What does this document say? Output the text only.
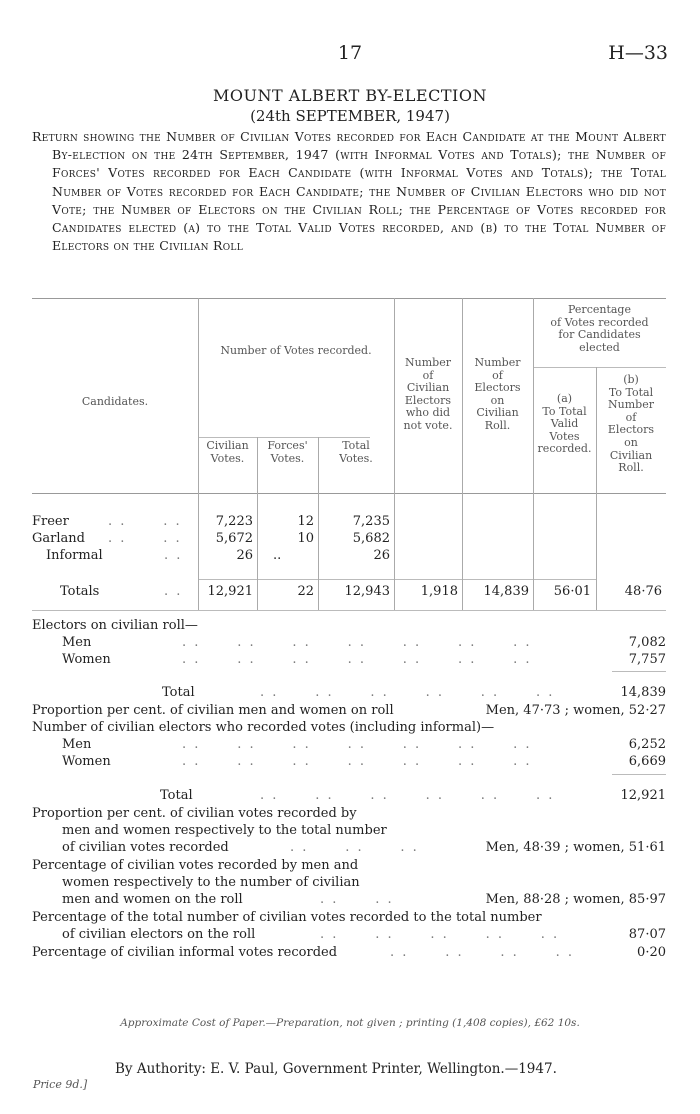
17	H—33
MOUNT ALBERT BY-ELECTION
(24th SEPTEMBER, 1947)
Return showing the Number of Civilian Votes recorded for Each Candidate at the Mount Albert By-election on the 24th September, 1947 (with Informal Votes and Totals); the Number of Forces' Votes recorded for Each Candidate (with Informal Votes and Totals); the Total Number of Votes recorded for Each Candidate; the Number of Civilian Electors who did not Vote; the Number of Electors on the Civilian Roll; the Percentage of Votes recorded for Candidates elected (a) to the Total Valid Votes recorded, and (b) to the Total Number of Electors on the Civilian Roll
Candidates.
Number of Votes recorded.
Civilian
Votes.
Forces'
Votes.
Total
Votes.
Number
of
Civilian
Electors
who did
not vote.
Number
of
Electors
on
Civilian
Roll.
Percentage
of Votes recorded
for Candidates
elected
(a)
To Total
Valid
Votes
recorded.
(b)
To Total
Number
of
Electors
on
Civilian
Roll.
Freer	. .      . .	7,223	12	7,235
Garland . .      . .	5,672	10	5,682
Informal	. .	26 ..	26
Totals	. .	12,921	22	12,943	1,918	14,839	56·01	48·76
Electors on civilian roll—
Men	. .      . .      . .      . .      . .      . .      . .	7,082
Women	. .      . .      . .      . .      . .      . .      . .	7,757
Total	. .      . .      . .      . .      . .      . .	14,839
Proportion per cent. of civilian men and women on roll	Men, 47·73 ; women, 52·27
Number of civilian electors who recorded votes (including informal)—
Men	. .      . .      . .      . .      . .      . .      . .	6,252
Women	. .      . .      . .      . .      . .      . .      . .	6,669
Total	. .      . .      . .      . .      . .      . .	12,921
Proportion per cent. of civilian votes recorded by
men and women respectively to the total number
of civilian votes recorded	. .      . .      . .	Men, 48·39 ; women, 51·61
Percentage of civilian votes recorded by men and
women respectively to the number of civilian
men and women on the roll	. .      . .	Men, 88·28 ; women, 85·97
Percentage of the total number of civilian votes recorded to the total number
of civilian electors on the roll	. .      . .      . .      . .      . .	87·07
Percentage of civilian informal votes recorded	. .      . .      . .      . .	0·20
Approximate Cost of Paper.—Preparation, not given ; printing (1,408 copies), £62 10s.
By Authority: E. V. Paul, Government Printer, Wellington.—1947.
Price 9d.]
